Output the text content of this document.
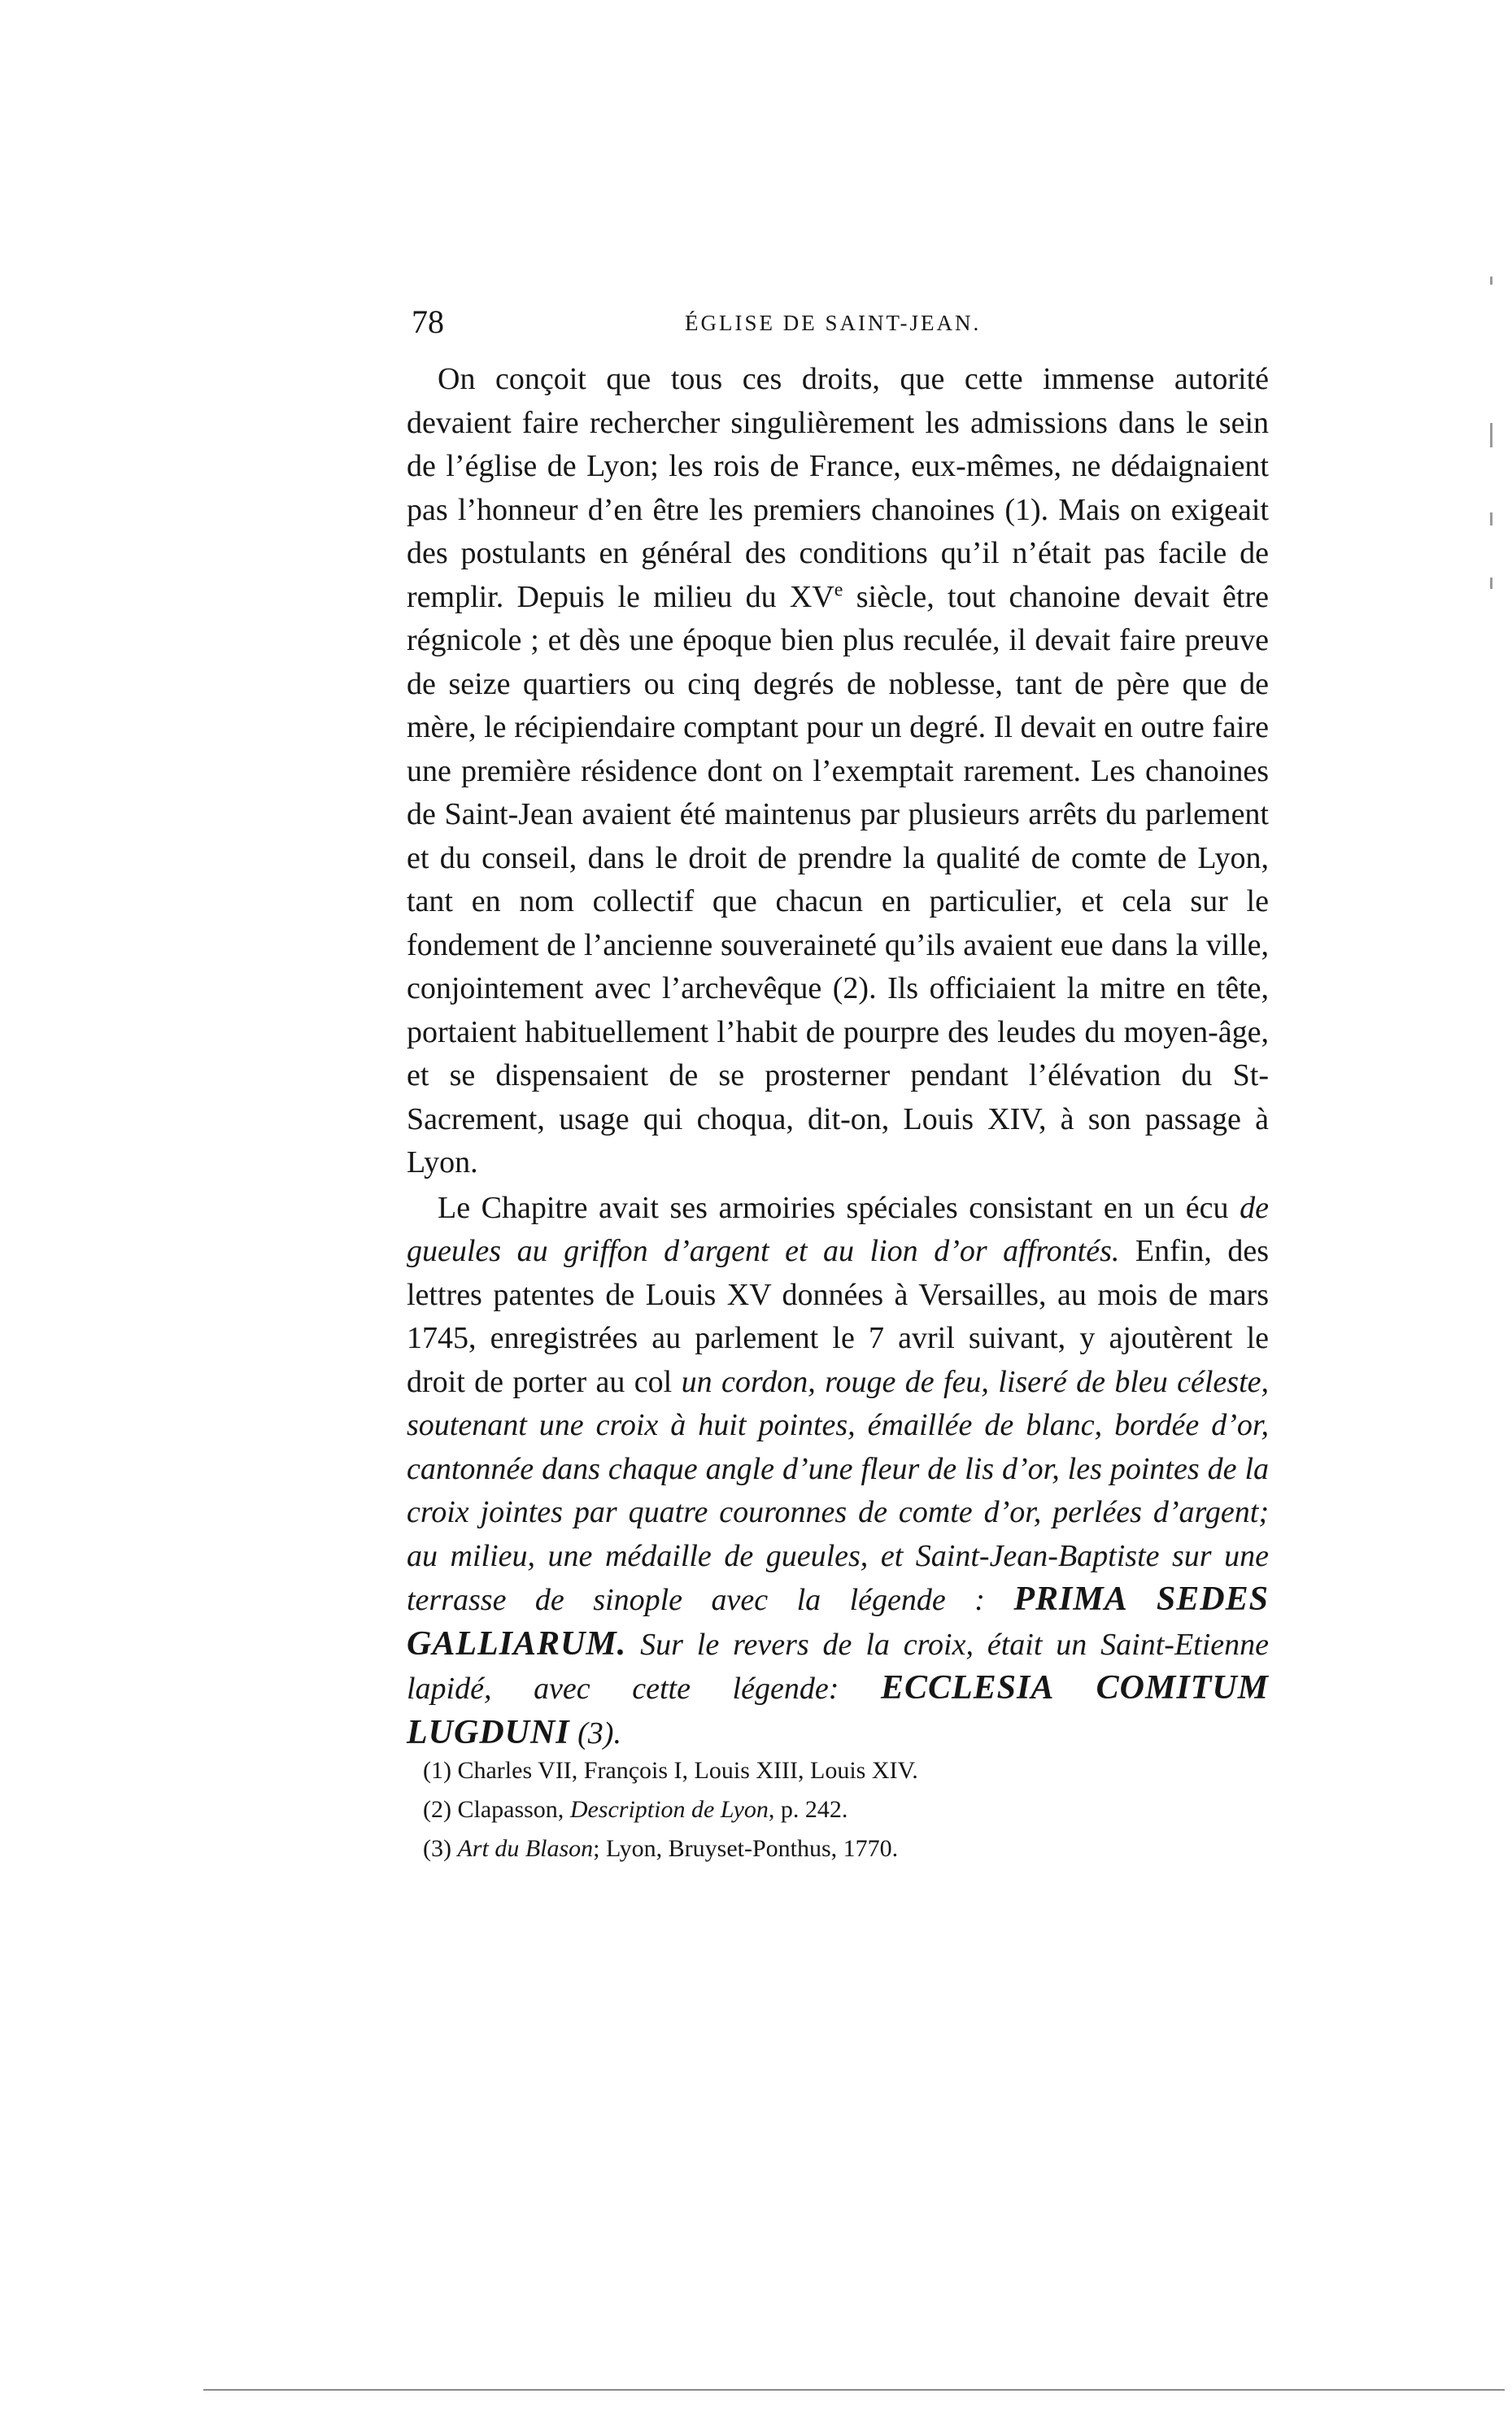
78	ÉGLISE DE SAINT-JEAN.

On conçoit que tous ces droits, que cette immense autorité devaient faire rechercher singulièrement les admissions dans le sein de l’église de Lyon; les rois de France, eux-mêmes, ne dédaignaient pas l’honneur d’en être les premiers chanoines (1). Mais on exigeait des postulants en général des conditions qu’il n’était pas facile de remplir. Depuis le milieu du XVe siècle, tout chanoine devait être régnicole ; et dès une époque bien plus reculée, il devait faire preuve de seize quartiers ou cinq degrés de noblesse, tant de père que de mère, le récipiendaire comptant pour un degré. Il devait en outre faire une première résidence dont on l’exemptait rarement. Les chanoines de Saint-Jean avaient été maintenus par plusieurs arrêts du parlement et du conseil, dans le droit de prendre la qualité de comte de Lyon, tant en nom collectif que chacun en particulier, et cela sur le fondement de l’ancienne souveraineté qu’ils avaient eue dans la ville, conjointement avec l’archevêque (2). Ils officiaient la mitre en tête, portaient habituellement l’habit de pourpre des leudes du moyen-âge, et se dispensaient de se prosterner pendant l’élévation du St-Sacrement, usage qui choqua, dit-on, Louis XIV, à son passage à Lyon.

Le Chapitre avait ses armoiries spéciales consistant en un écu de gueules au griffon d’argent et au lion d’or affrontés. Enfin, des lettres patentes de Louis XV données à Versailles, au mois de mars 1745, enregistrées au parlement le 7 avril suivant, y ajoutèrent le droit de porter au col un cordon, rouge de feu, liseré de bleu céleste, soutenant une croix à huit pointes, émaillée de blanc, bordée d’or, cantonnée dans chaque angle d’une fleur de lis d’or, les pointes de la croix jointes par quatre couronnes de comte d’or, perlées d’argent; au milieu, une médaille de gueules, et Saint-Jean-Baptiste sur une terrasse de sinople avec la légende : PRIMA SEDES GALLIARUM. Sur le revers de la croix, était un Saint-Etienne lapidé, avec cette légende: ECCLESIA COMITUM LUGDUNI (3).

(1) Charles VII, François I, Louis XIII, Louis XIV.
(2) Clapasson, Description de Lyon, p. 242.
(3) Art du Blason; Lyon, Bruyset-Ponthus, 1770.
